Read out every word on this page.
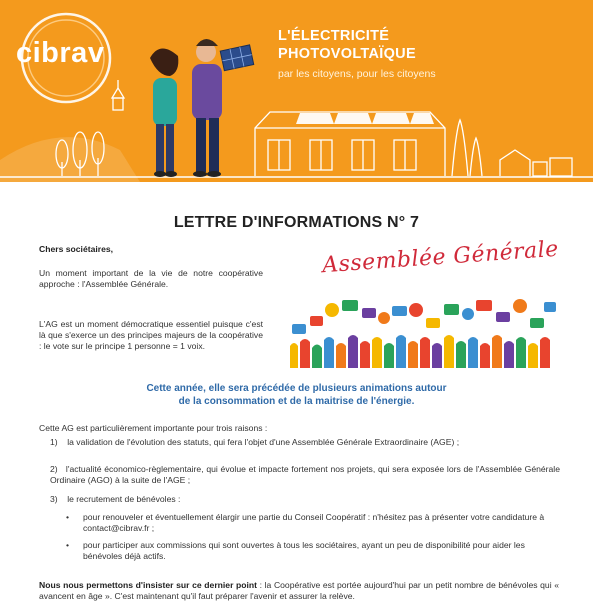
cibrav
L'ÉLECTRICITÉ
PHOTOVOLTAÏQUE
par les citoyens, pour les citoyens
LETTRE D'INFORMATIONS N° 7
Chers sociétaires,
Un moment important de la vie de notre coopérative approche : l'Assemblée Générale.
L'AG est un moment démocratique essentiel puisque c'est là que s'exerce un des principes majeurs de la coopérative : le vote sur le principe 1 personne = 1 voix.
Assemblée Générale
Cette année, elle sera précédée de plusieurs animations autour
de la consommation et de la maitrise de l'énergie.
Cette AG est particulièrement importante pour trois raisons :
1) la validation de l'évolution des statuts, qui fera l'objet d'une Assemblée Générale Extraordinaire (AGE) ;
2) l'actualité économico-règlementaire, qui évolue et impacte fortement nos projets, qui sera exposée lors de l'Assemblée Générale Ordinaire (AGO) à la suite de l'AGE ;
3) le recrutement de bénévoles :
• pour renouveler et éventuellement élargir une partie du Conseil Coopératif : n'hésitez pas à présenter votre candidature à contact@cibrav.fr ;
• pour participer aux commissions qui sont ouvertes à tous les sociétaires, ayant un peu de disponibilité pour aider les bénévoles déjà actifs.
Nous nous permettons d'insister sur ce dernier point : la Coopérative est portée aujourd'hui par un petit nombre de bénévoles qui « avancent en âge ». C'est maintenant qu'il faut préparer l'avenir et assurer la relève.
